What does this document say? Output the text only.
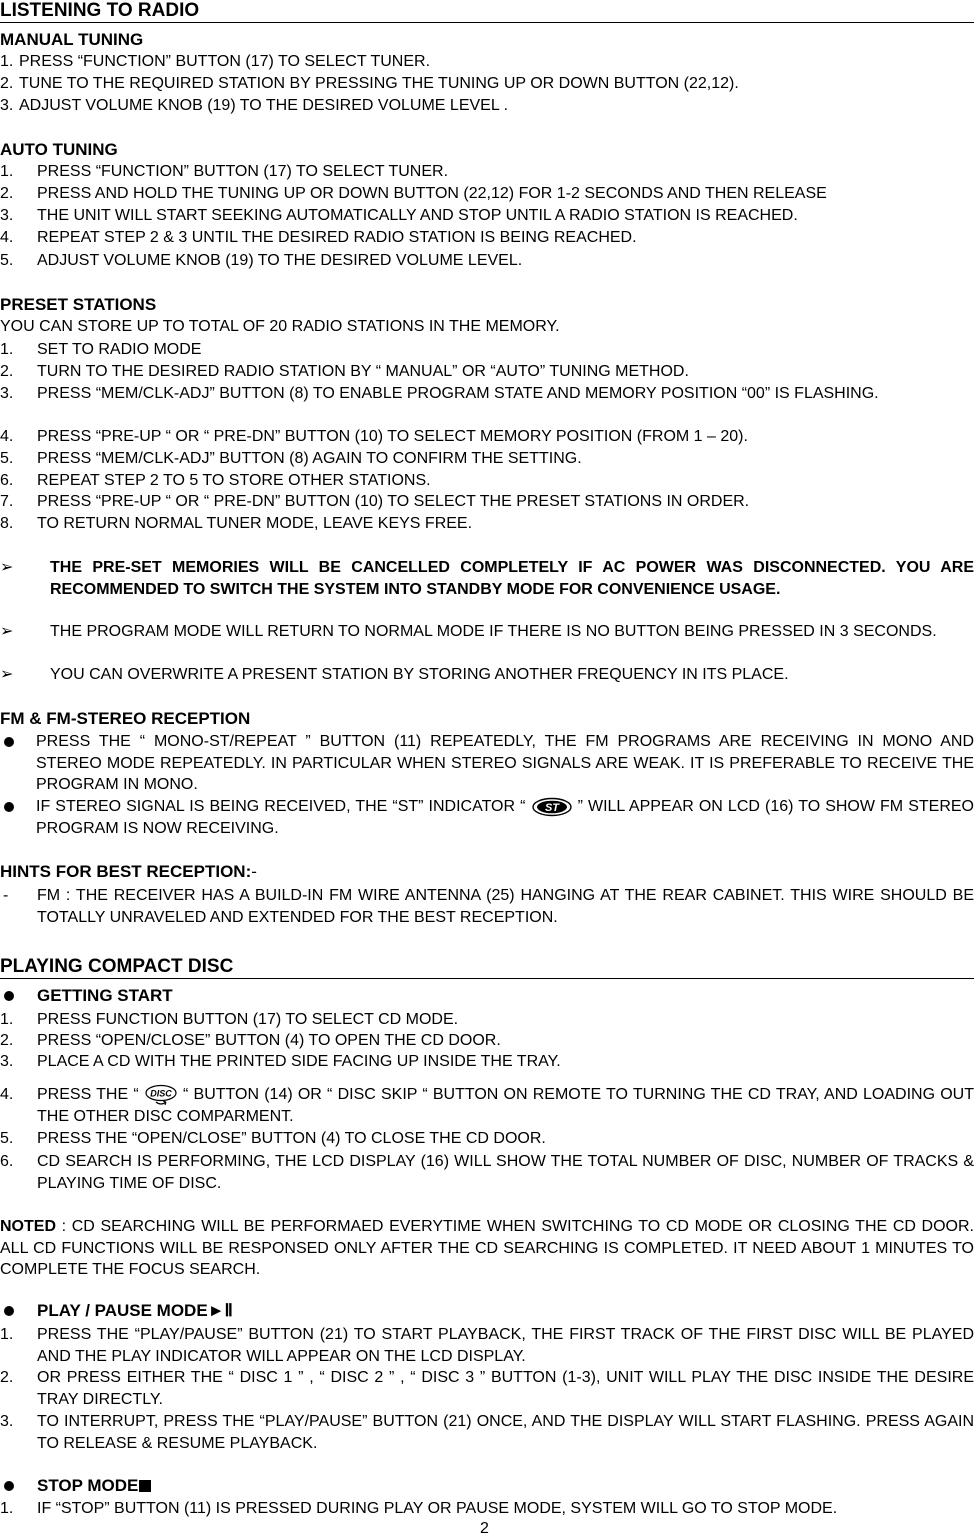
LISTENING TO RADIO
MANUAL TUNING
1. PRESS “FUNCTION” BUTTON (17) TO SELECT TUNER.
2. TUNE TO THE REQUIRED STATION BY PRESSING THE TUNING UP OR DOWN BUTTON (22,12).
3. ADJUST VOLUME KNOB (19) TO THE DESIRED VOLUME LEVEL .
AUTO TUNING
1. PRESS “FUNCTION” BUTTON (17) TO SELECT TUNER.
2. PRESS AND HOLD THE TUNING UP OR DOWN BUTTON (22,12) FOR 1-2 SECONDS AND THEN RELEASE
3. THE UNIT WILL START SEEKING AUTOMATICALLY AND STOP UNTIL A RADIO STATION IS REACHED.
4. REPEAT STEP 2 & 3 UNTIL THE DESIRED RADIO STATION IS BEING REACHED.
5. ADJUST VOLUME KNOB (19) TO THE DESIRED VOLUME LEVEL.
PRESET STATIONS
YOU CAN STORE UP TO TOTAL OF 20 RADIO STATIONS IN THE MEMORY.
1. SET TO RADIO MODE
2. TURN TO THE DESIRED RADIO STATION BY “ MANUAL” OR “AUTO” TUNING METHOD.
3. PRESS “MEM/CLK-ADJ” BUTTON (8) TO ENABLE PROGRAM STATE AND MEMORY POSITION “00” IS FLASHING.
4. PRESS “PRE-UP “ OR “ PRE-DN” BUTTON (10) TO SELECT MEMORY POSITION (FROM 1 – 20).
5. PRESS “MEM/CLK-ADJ” BUTTON (8) AGAIN TO CONFIRM THE SETTING.
6. REPEAT STEP 2 TO 5 TO STORE OTHER STATIONS.
7. PRESS “PRE-UP “ OR “ PRE-DN” BUTTON (10) TO SELECT THE PRESET STATIONS IN ORDER.
8. TO RETURN NORMAL TUNER MODE, LEAVE KEYS FREE.
➢ THE PRE-SET MEMORIES WILL BE CANCELLED COMPLETELY IF AC POWER WAS DISCONNECTED. YOU ARE RECOMMENDED TO SWITCH THE SYSTEM INTO STANDBY MODE FOR CONVENIENCE USAGE.
➢ THE PROGRAM MODE WILL RETURN TO NORMAL MODE IF THERE IS NO BUTTON BEING PRESSED IN 3 SECONDS.
➢ YOU CAN OVERWRITE A PRESENT STATION BY STORING ANOTHER FREQUENCY IN ITS PLACE.
FM & FM-STEREO RECEPTION
PRESS THE “ MONO-ST/REPEAT ” BUTTON (11) REPEATEDLY, THE FM PROGRAMS ARE RECEIVING IN MONO AND STEREO MODE REPEATEDLY. IN PARTICULAR WHEN STEREO SIGNALS ARE WEAK. IT IS PREFERABLE TO RECEIVE THE PROGRAM IN MONO.
IF STEREO SIGNAL IS BEING RECEIVED, THE “ST” INDICATOR “ ST ” WILL APPEAR ON LCD (16) TO SHOW FM STEREO PROGRAM IS NOW RECEIVING.
HINTS FOR BEST RECEPTION:-
- FM : THE RECEIVER HAS A BUILD-IN FM WIRE ANTENNA (25) HANGING AT THE REAR CABINET. THIS WIRE SHOULD BE TOTALLY UNRAVELED AND EXTENDED FOR THE BEST RECEPTION.
PLAYING COMPACT DISC
GETTING START
1. PRESS FUNCTION BUTTON (17) TO SELECT CD MODE.
2. PRESS “OPEN/CLOSE” BUTTON (4) TO OPEN THE CD DOOR.
3. PLACE A CD WITH THE PRINTED SIDE FACING UP INSIDE THE TRAY.
4. PRESS THE “ DISC “ BUTTON (14) OR “ DISC SKIP “ BUTTON ON REMOTE TO TURNING THE CD TRAY, AND LOADING OUT THE OTHER DISC COMPARMENT.
5. PRESS THE “OPEN/CLOSE” BUTTON (4) TO CLOSE THE CD DOOR.
6. CD SEARCH IS PERFORMING, THE LCD DISPLAY (16) WILL SHOW THE TOTAL NUMBER OF DISC, NUMBER OF TRACKS & PLAYING TIME OF DISC.
NOTED : CD SEARCHING WILL BE PERFORMAED EVERYTIME WHEN SWITCHING TO CD MODE OR CLOSING THE CD DOOR. ALL CD FUNCTIONS WILL BE RESPONSED ONLY AFTER THE CD SEARCHING IS COMPLETED. IT NEED ABOUT 1 MINUTES TO COMPLETE THE FOCUS SEARCH.
PLAY / PAUSE MODE►Ⅱ
1. PRESS THE “PLAY/PAUSE” BUTTON (21) TO START PLAYBACK, THE FIRST TRACK OF THE FIRST DISC WILL BE PLAYED AND THE PLAY INDICATOR WILL APPEAR ON THE LCD DISPLAY.
2. OR PRESS EITHER THE “ DISC 1 ” , “ DISC 2 ” , “ DISC 3 ” BUTTON (1-3), UNIT WILL PLAY THE DISC INSIDE THE DESIRE TRAY DIRECTLY.
3. TO INTERRUPT, PRESS THE “PLAY/PAUSE” BUTTON (21) ONCE, AND THE DISPLAY WILL START FLASHING. PRESS AGAIN TO RELEASE & RESUME PLAYBACK.
STOP MODE
1. IF “STOP” BUTTON (11) IS PRESSED DURING PLAY OR PAUSE MODE, SYSTEM WILL GO TO STOP MODE.
2
